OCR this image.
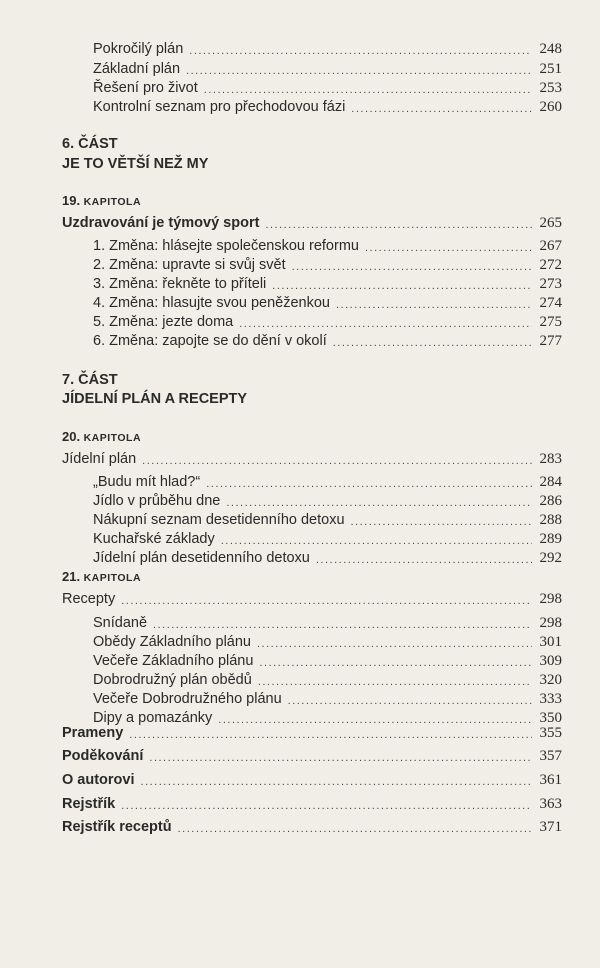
Pokročilý plán .....	248
Základní plán .....	251
Řešení pro život .....	253
Kontrolní seznam pro přechodovou fázi .....	260
6. ČÁST
JE TO VĚTŠÍ NEŽ MY
19. KAPITOLA
Uzdravování je týmový sport .....	265
1. Změna: hlásejte společenskou reformu .....	267
2. Změna: upravte si svůj svět .....	272
3. Změna: řekněte to příteli .....	273
4. Změna: hlasujte svou peněženkou .....	274
5. Změna: jezte doma .....	275
6. Změna: zapojte se do dění v okolí .....	277
7. ČÁST
JÍDELNÍ PLÁN A RECEPTY
20. KAPITOLA
Jídelní plán .....	283
„Budu mít hlad?“ .....	284
Jídlo v průběhu dne .....	286
Nákupní seznam desetidenního detoxu .....	288
Kuchařské základy .....	289
Jídelní plán desetidenního detoxu .....	292
21. KAPITOLA
Recepty .....	298
Snídaně .....	298
Obědy Základního plánu .....	301
Večeře Základního plánu .....	309
Dobrodružný plán obědů .....	320
Večeře Dobrodružného plánu .....	333
Dipy a pomazánky .....	350
Prameny .....	355
Poděkování .....	357
O autorovi .....	361
Rejstřík .....	363
Rejstřík receptů .....	371
